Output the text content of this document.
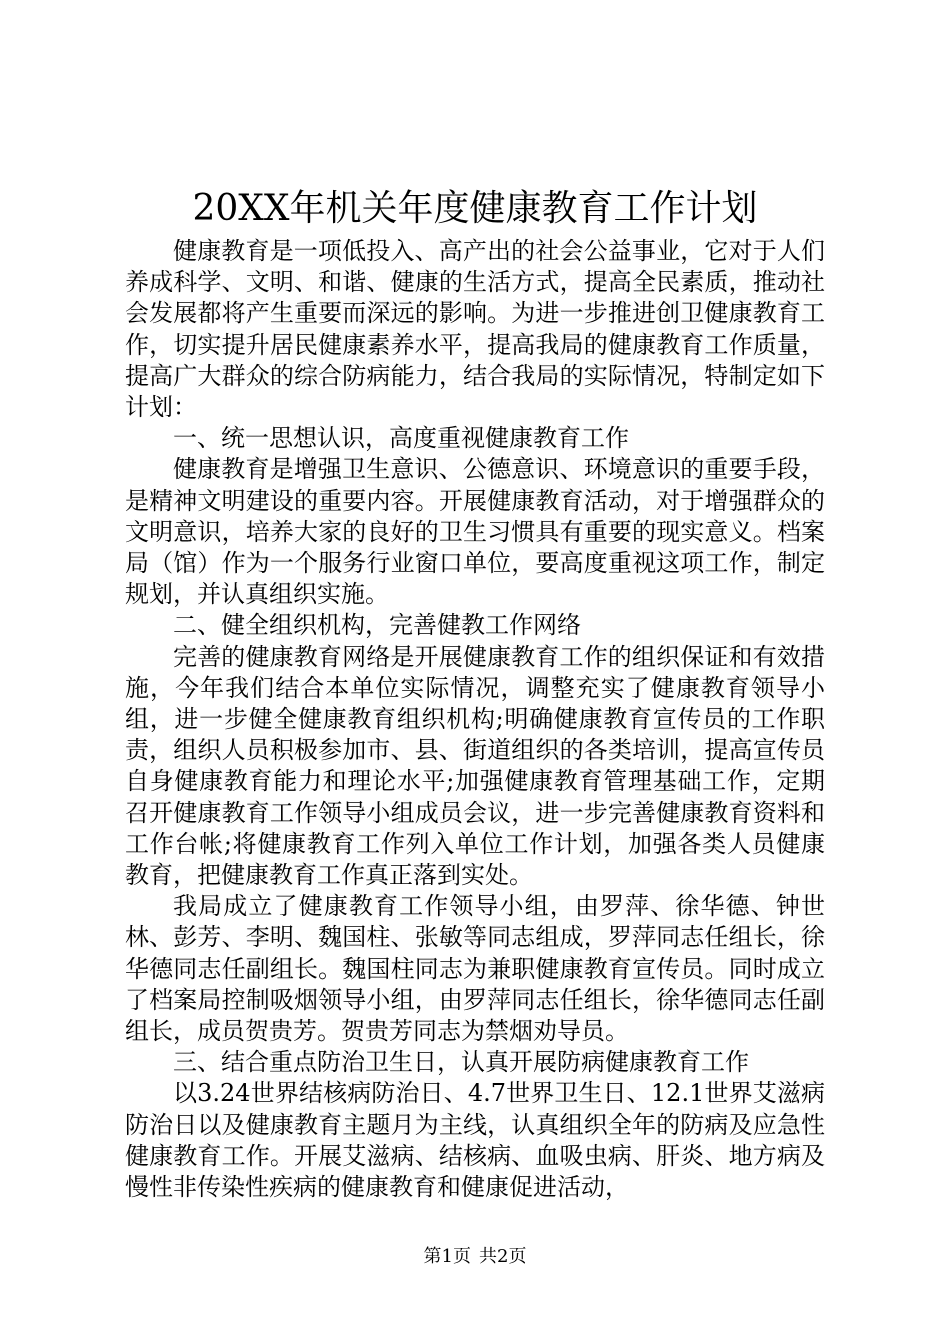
20XX年机关年度健康教育工作计划

健康教育是一项低投入、高产出的社会公益事业，它对于人们养成科学、文明、和谐、健康的生活方式，提高全民素质，推动社会发展都将产生重要而深远的影响。为进一步推进创卫健康教育工作，切实提升居民健康素养水平，提高我局的健康教育工作质量，提高广大群众的综合防病能力，结合我局的实际情况，特制定如下计划：

一、统一思想认识，高度重视健康教育工作

健康教育是增强卫生意识、公德意识、环境意识的重要手段，是精神文明建设的重要内容。开展健康教育活动，对于增强群众的文明意识，培养大家的良好的卫生习惯具有重要的现实意义。档案局（馆）作为一个服务行业窗口单位，要高度重视这项工作，制定规划，并认真组织实施。

二、健全组织机构，完善健教工作网络

完善的健康教育网络是开展健康教育工作的组织保证和有效措施，今年我们结合本单位实际情况，调整充实了健康教育领导小组，进一步健全健康教育组织机构;明确健康教育宣传员的工作职责，组织人员积极参加市、县、街道组织的各类培训，提高宣传员自身健康教育能力和理论水平;加强健康教育管理基础工作，定期召开健康教育工作领导小组成员会议，进一步完善健康教育资料和工作台帐;将健康教育工作列入单位工作计划，加强各类人员健康教育，把健康教育工作真正落到实处。

我局成立了健康教育工作领导小组，由罗萍、徐华德、钟世林、彭芳、李明、魏国柱、张敏等同志组成，罗萍同志任组长，徐华德同志任副组长。魏国柱同志为兼职健康教育宣传员。同时成立了档案局控制吸烟领导小组，由罗萍同志任组长，徐华德同志任副组长，成员贺贵芳。贺贵芳同志为禁烟劝导员。

三、结合重点防治卫生日，认真开展防病健康教育工作

以3.24世界结核病防治日、4.7世界卫生日、12.1世界艾滋病防治日以及健康教育主题月为主线，认真组织全年的防病及应急性健康教育工作。开展艾滋病、结核病、血吸虫病、肝炎、地方病及慢性非传染性疾病的健康教育和健康促进活动，

第1页 共2页
